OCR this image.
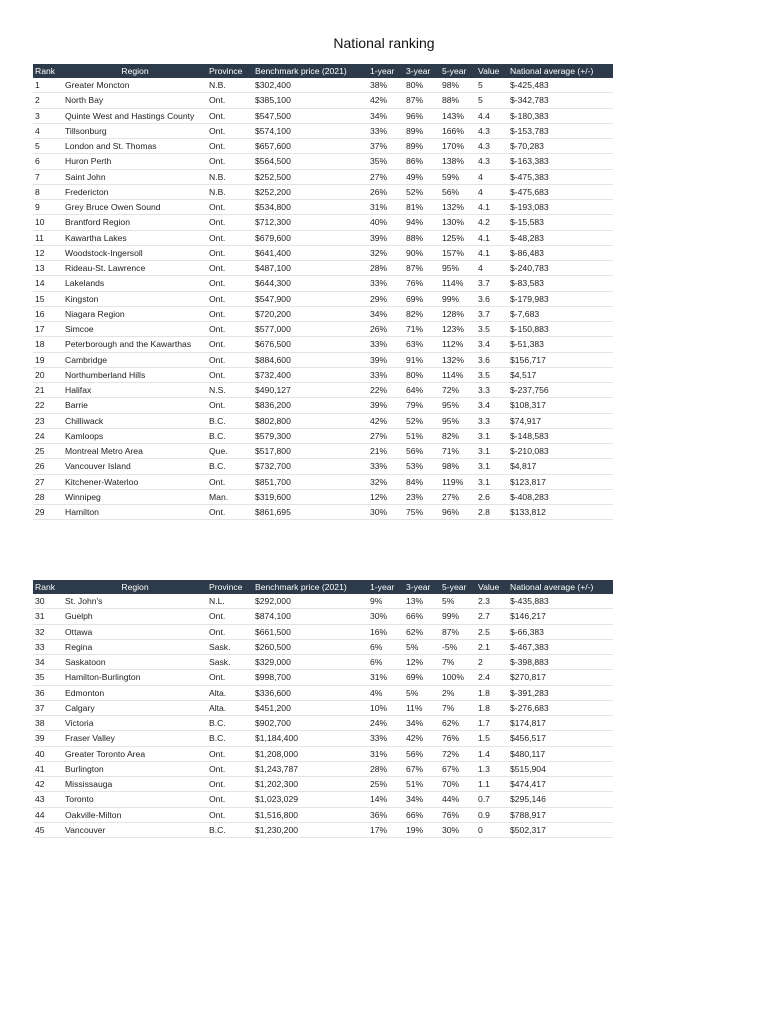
National ranking
Rank	Region	Province	Benchmark price (2021)	1-year	3-year	5-year	Value	National average (+/-)
1	Greater Moncton	N.B.	$302,400	38%	80%	98%	5	$-425,483
2	North Bay	Ont.	$385,100	42%	87%	88%	5	$-342,783
3	Quinte West and Hastings County	Ont.	$547,500	34%	96%	143%	4.4	$-180,383
4	Tillsonburg	Ont.	$574,100	33%	89%	166%	4.3	$-153,783
5	London and St. Thomas	Ont.	$657,600	37%	89%	170%	4.3	$-70,283
6	Huron Perth	Ont.	$564,500	35%	86%	138%	4.3	$-163,383
7	Saint John	N.B.	$252,500	27%	49%	59%	4	$-475,383
8	Fredericton	N.B.	$252,200	26%	52%	56%	4	$-475,683
9	Grey Bruce Owen Sound	Ont.	$534,800	31%	81%	132%	4.1	$-193,083
10	Brantford Region	Ont.	$712,300	40%	94%	130%	4.2	$-15,583
11	Kawartha Lakes	Ont.	$679,600	39%	88%	125%	4.1	$-48,283
12	Woodstock-Ingersoll	Ont.	$641,400	32%	90%	157%	4.1	$-86,483
13	Rideau-St. Lawrence	Ont.	$487,100	28%	87%	95%	4	$-240,783
14	Lakelands	Ont.	$644,300	33%	76%	114%	3.7	$-83,583
15	Kingston	Ont.	$547,900	29%	69%	99%	3.6	$-179,983
16	Niagara Region	Ont.	$720,200	34%	82%	128%	3.7	$-7,683
17	Simcoe	Ont.	$577,000	26%	71%	123%	3.5	$-150,883
18	Peterborough and the Kawarthas	Ont.	$676,500	33%	63%	112%	3.4	$-51,383
19	Cambridge	Ont.	$884,600	39%	91%	132%	3.6	$156,717
20	Northumberland Hills	Ont.	$732,400	33%	80%	114%	3.5	$4,517
21	Halifax	N.S.	$490,127	22%	64%	72%	3.3	$-237,756
22	Barrie	Ont.	$836,200	39%	79%	95%	3.4	$108,317
23	Chilliwack	B.C.	$802,800	42%	52%	95%	3.3	$74,917
24	Kamloops	B.C.	$579,300	27%	51%	82%	3.1	$-148,583
25	Montreal Metro Area	Que.	$517,800	21%	56%	71%	3.1	$-210,083
26	Vancouver Island	B.C.	$732,700	33%	53%	98%	3.1	$4,817
27	Kitchener-Waterloo	Ont.	$851,700	32%	84%	119%	3.1	$123,817
28	Winnipeg	Man.	$319,600	12%	23%	27%	2.6	$-408,283
29	Hamilton	Ont.	$861,695	30%	75%	96%	2.8	$133,812
Rank	Region	Province	Benchmark price (2021)	1-year	3-year	5-year	Value	National average (+/-)
30	St. John's	N.L.	$292,000	9%	13%	5%	2.3	$-435,883
31	Guelph	Ont.	$874,100	30%	66%	99%	2.7	$146,217
32	Ottawa	Ont.	$661,500	16%	62%	87%	2.5	$-66,383
33	Regina	Sask.	$260,500	6%	5%	-5%	2.1	$-467,383
34	Saskatoon	Sask.	$329,000	6%	12%	7%	2	$-398,883
35	Hamilton-Burlington	Ont.	$998,700	31%	69%	100%	2.4	$270,817
36	Edmonton	Alta.	$336,600	4%	5%	2%	1.8	$-391,283
37	Calgary	Alta.	$451,200	10%	11%	7%	1.8	$-276,683
38	Victoria	B.C.	$902,700	24%	34%	62%	1.7	$174,817
39	Fraser Valley	B.C.	$1,184,400	33%	42%	76%	1.5	$456,517
40	Greater Toronto Area	Ont.	$1,208,000	31%	56%	72%	1.4	$480,117
41	Burlington	Ont.	$1,243,787	28%	67%	67%	1.3	$515,904
42	Mississauga	Ont.	$1,202,300	25%	51%	70%	1.1	$474,417
43	Toronto	Ont.	$1,023,029	14%	34%	44%	0.7	$295,146
44	Oakville-Milton	Ont.	$1,516,800	36%	66%	76%	0.9	$788,917
45	Vancouver	B.C.	$1,230,200	17%	19%	30%	0	$502,317
